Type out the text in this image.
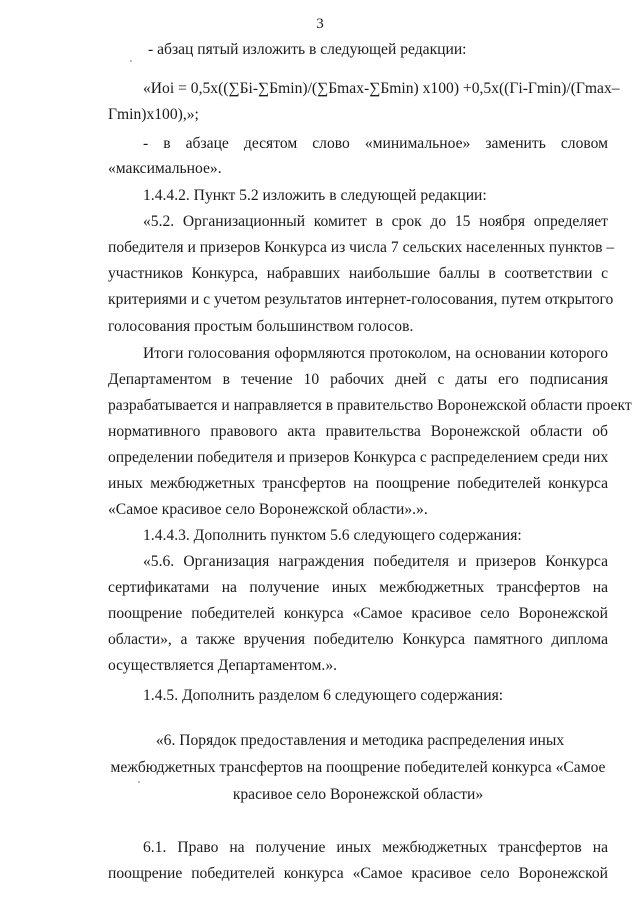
3
- абзац пятый изложить в следующей редакции:
«Иoi = 0,5х((∑Бi-∑Бmin)/(∑Бmax-∑Бmin) х100) +0,5х((Гi-Гmin)/(Гmax–
Гmin)х100),»;
- в абзаце десятом слово «минимальное» заменить словом
«максимальное».
1.4.4.2. Пункт 5.2 изложить в следующей редакции:
«5.2. Организационный комитет в срок до 15 ноября определяет
победителя и призеров Конкурса из числа 7 сельских населенных пунктов –
участников Конкурса, набравших наибольшие баллы в соответствии с
критериями и с учетом результатов интернет-голосования, путем открытого
голосования простым большинством голосов.
Итоги голосования оформляются протоколом, на основании которого
Департаментом в течение 10 рабочих дней с даты его подписания
разрабатывается и направляется в правительство Воронежской области проект
нормативного правового акта правительства Воронежской области об
определении победителя и призеров Конкурса с распределением среди них
иных межбюджетных трансфертов на поощрение победителей конкурса
«Самое красивое село Воронежской области».».
1.4.4.3. Дополнить пунктом 5.6 следующего содержания:
«5.6. Организация награждения победителя и призеров Конкурса
сертификатами на получение иных межбюджетных трансфертов на
поощрение победителей конкурса «Самое красивое село Воронежской
области», а также вручения победителю Конкурса памятного диплома
осуществляется Департаментом.».
1.4.5. Дополнить разделом 6 следующего содержания:
«6. Порядок предоставления и методика распределения иных
межбюджетных трансфертов на поощрение победителей конкурса «Самое
красивое село Воронежской области»
6.1. Право на получение иных межбюджетных трансфертов на
поощрение победителей конкурса «Самое красивое село Воронежской
